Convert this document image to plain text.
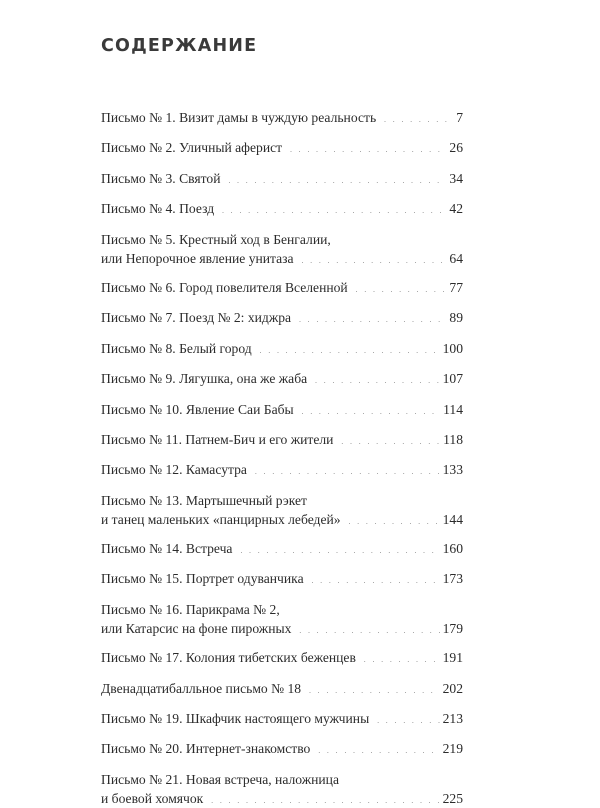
СОДЕРЖАНИЕ
Письмо № 1. Визит дамы в чуждую реальность . . .	7
Письмо № 2. Уличный аферист . . .	26
Письмо № 3. Святой . . .	34
Письмо № 4. Поезд . . .	42
Письмо № 5. Крестный ход в Бенгалии,
или Непорочное явление унитаза . . .	64
Письмо № 6. Город повелителя Вселенной . . .	77
Письмо № 7. Поезд № 2: хиджра . . .	89
Письмо № 8. Белый город . . .	100
Письмо № 9. Лягушка, она же жаба . . .	107
Письмо № 10. Явление Саи Бабы . . .	114
Письмо № 11. Патнем-Бич и его жители . . .	118
Письмо № 12. Камасутра . . .	133
Письмо № 13. Мартышечный рэкет
и танец маленьких «панцирных лебедей» . . .	144
Письмо № 14. Встреча . . .	160
Письмо № 15. Портрет одуванчика . . .	173
Письмо № 16. Парикрама № 2,
или Катарсис на фоне пирожных . . .	179
Письмо № 17. Колония тибетских беженцев . . .	191
Двенадцатибалльное письмо № 18 . . .	202
Письмо № 19. Шкафчик настоящего мужчины . . .	213
Письмо № 20. Интернет-знакомство . . .	219
Письмо № 21. Новая встреча, наложница
и боевой хомячок . . .	225
